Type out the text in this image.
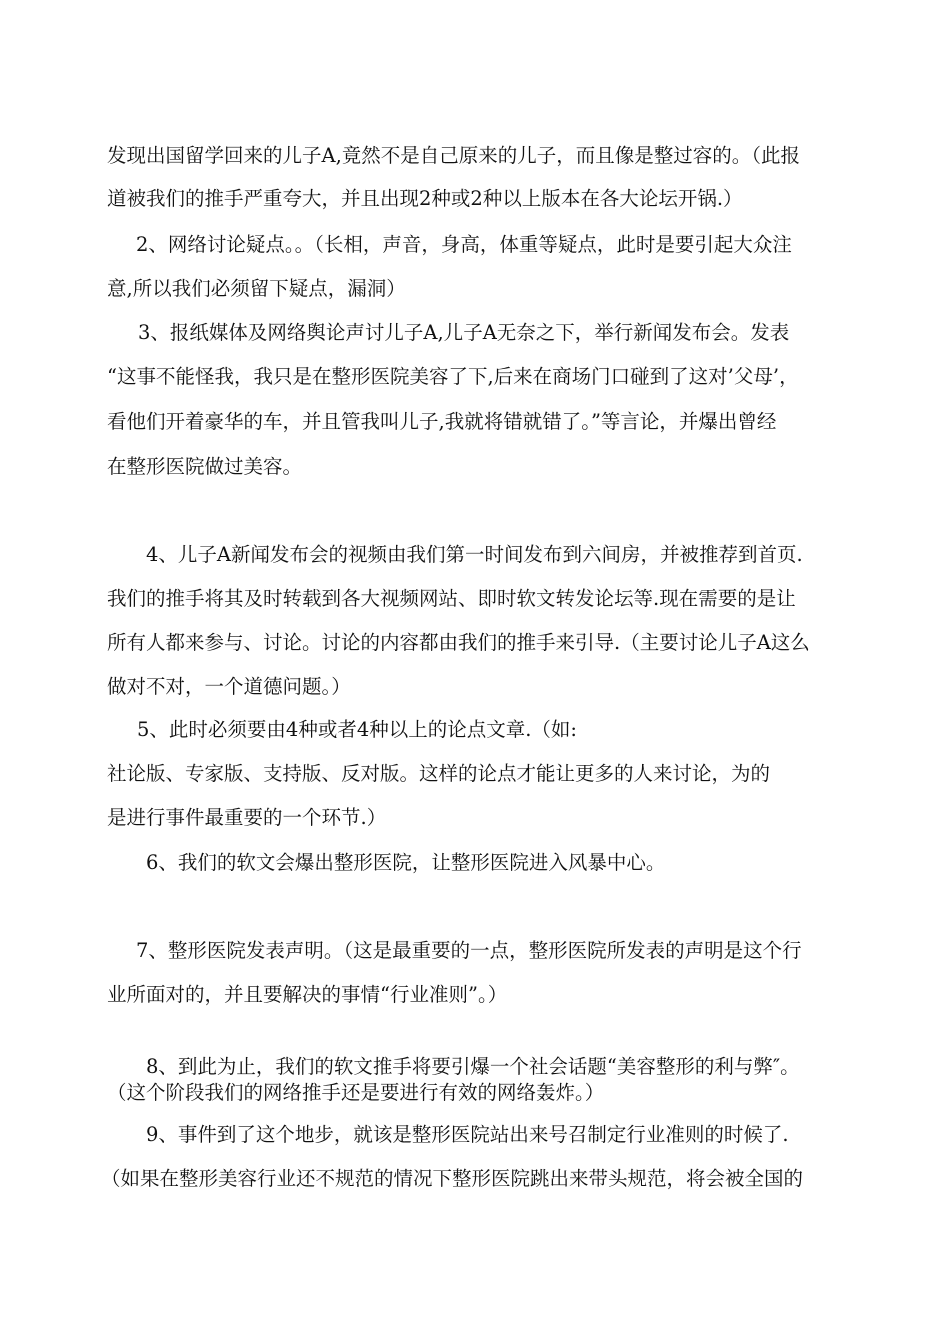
发现出国留学回来的儿子A,竟然不是自己原来的儿子，而且像是整过容的。（此报

道被我们的推手严重夸大，并且出现2种或2种以上版本在各大论坛开锅.）

2、网络讨论疑点。。（长相，声音，身高，体重等疑点，此时是要引起大众注

意,所以我们必须留下疑点，漏洞）

3、报纸媒体及网络舆论声讨儿子A,儿子A无奈之下，举行新闻发布会。发表

“这事不能怪我，我只是在整形医院美容了下,后来在商场门口碰到了这对’父母’，

看他们开着豪华的车，并且管我叫儿子,我就将错就错了。”等言论，并爆出曾经

在整形医院做过美容。

4、儿子A新闻发布会的视频由我们第一时间发布到六间房，并被推荐到首页.

我们的推手将其及时转载到各大视频网站、即时软文转发论坛等.现在需要的是让

所有人都来参与、讨论。讨论的内容都由我们的推手来引导.（主要讨论儿子A这么

做对不对，一个道德问题。）

5、此时必须要由4种或者4种以上的论点文章.（如:

社论版、专家版、支持版、反对版。这样的论点才能让更多的人来讨论，为的

是进行事件最重要的一个环节.）

6、我们的软文会爆出整形医院，让整形医院进入风暴中心。

7、整形医院发表声明。（这是最重要的一点，整形医院所发表的声明是这个行

业所面对的，并且要解决的事情“行业准则”。）

8、到此为止，我们的软文推手将要引爆一个社会话题“美容整形的利与弊″。

（这个阶段我们的网络推手还是要进行有效的网络轰炸。）

9、事件到了这个地步，就该是整形医院站出来号召制定行业准则的时候了.

（如果在整形美容行业还不规范的情况下整形医院跳出来带头规范，将会被全国的
